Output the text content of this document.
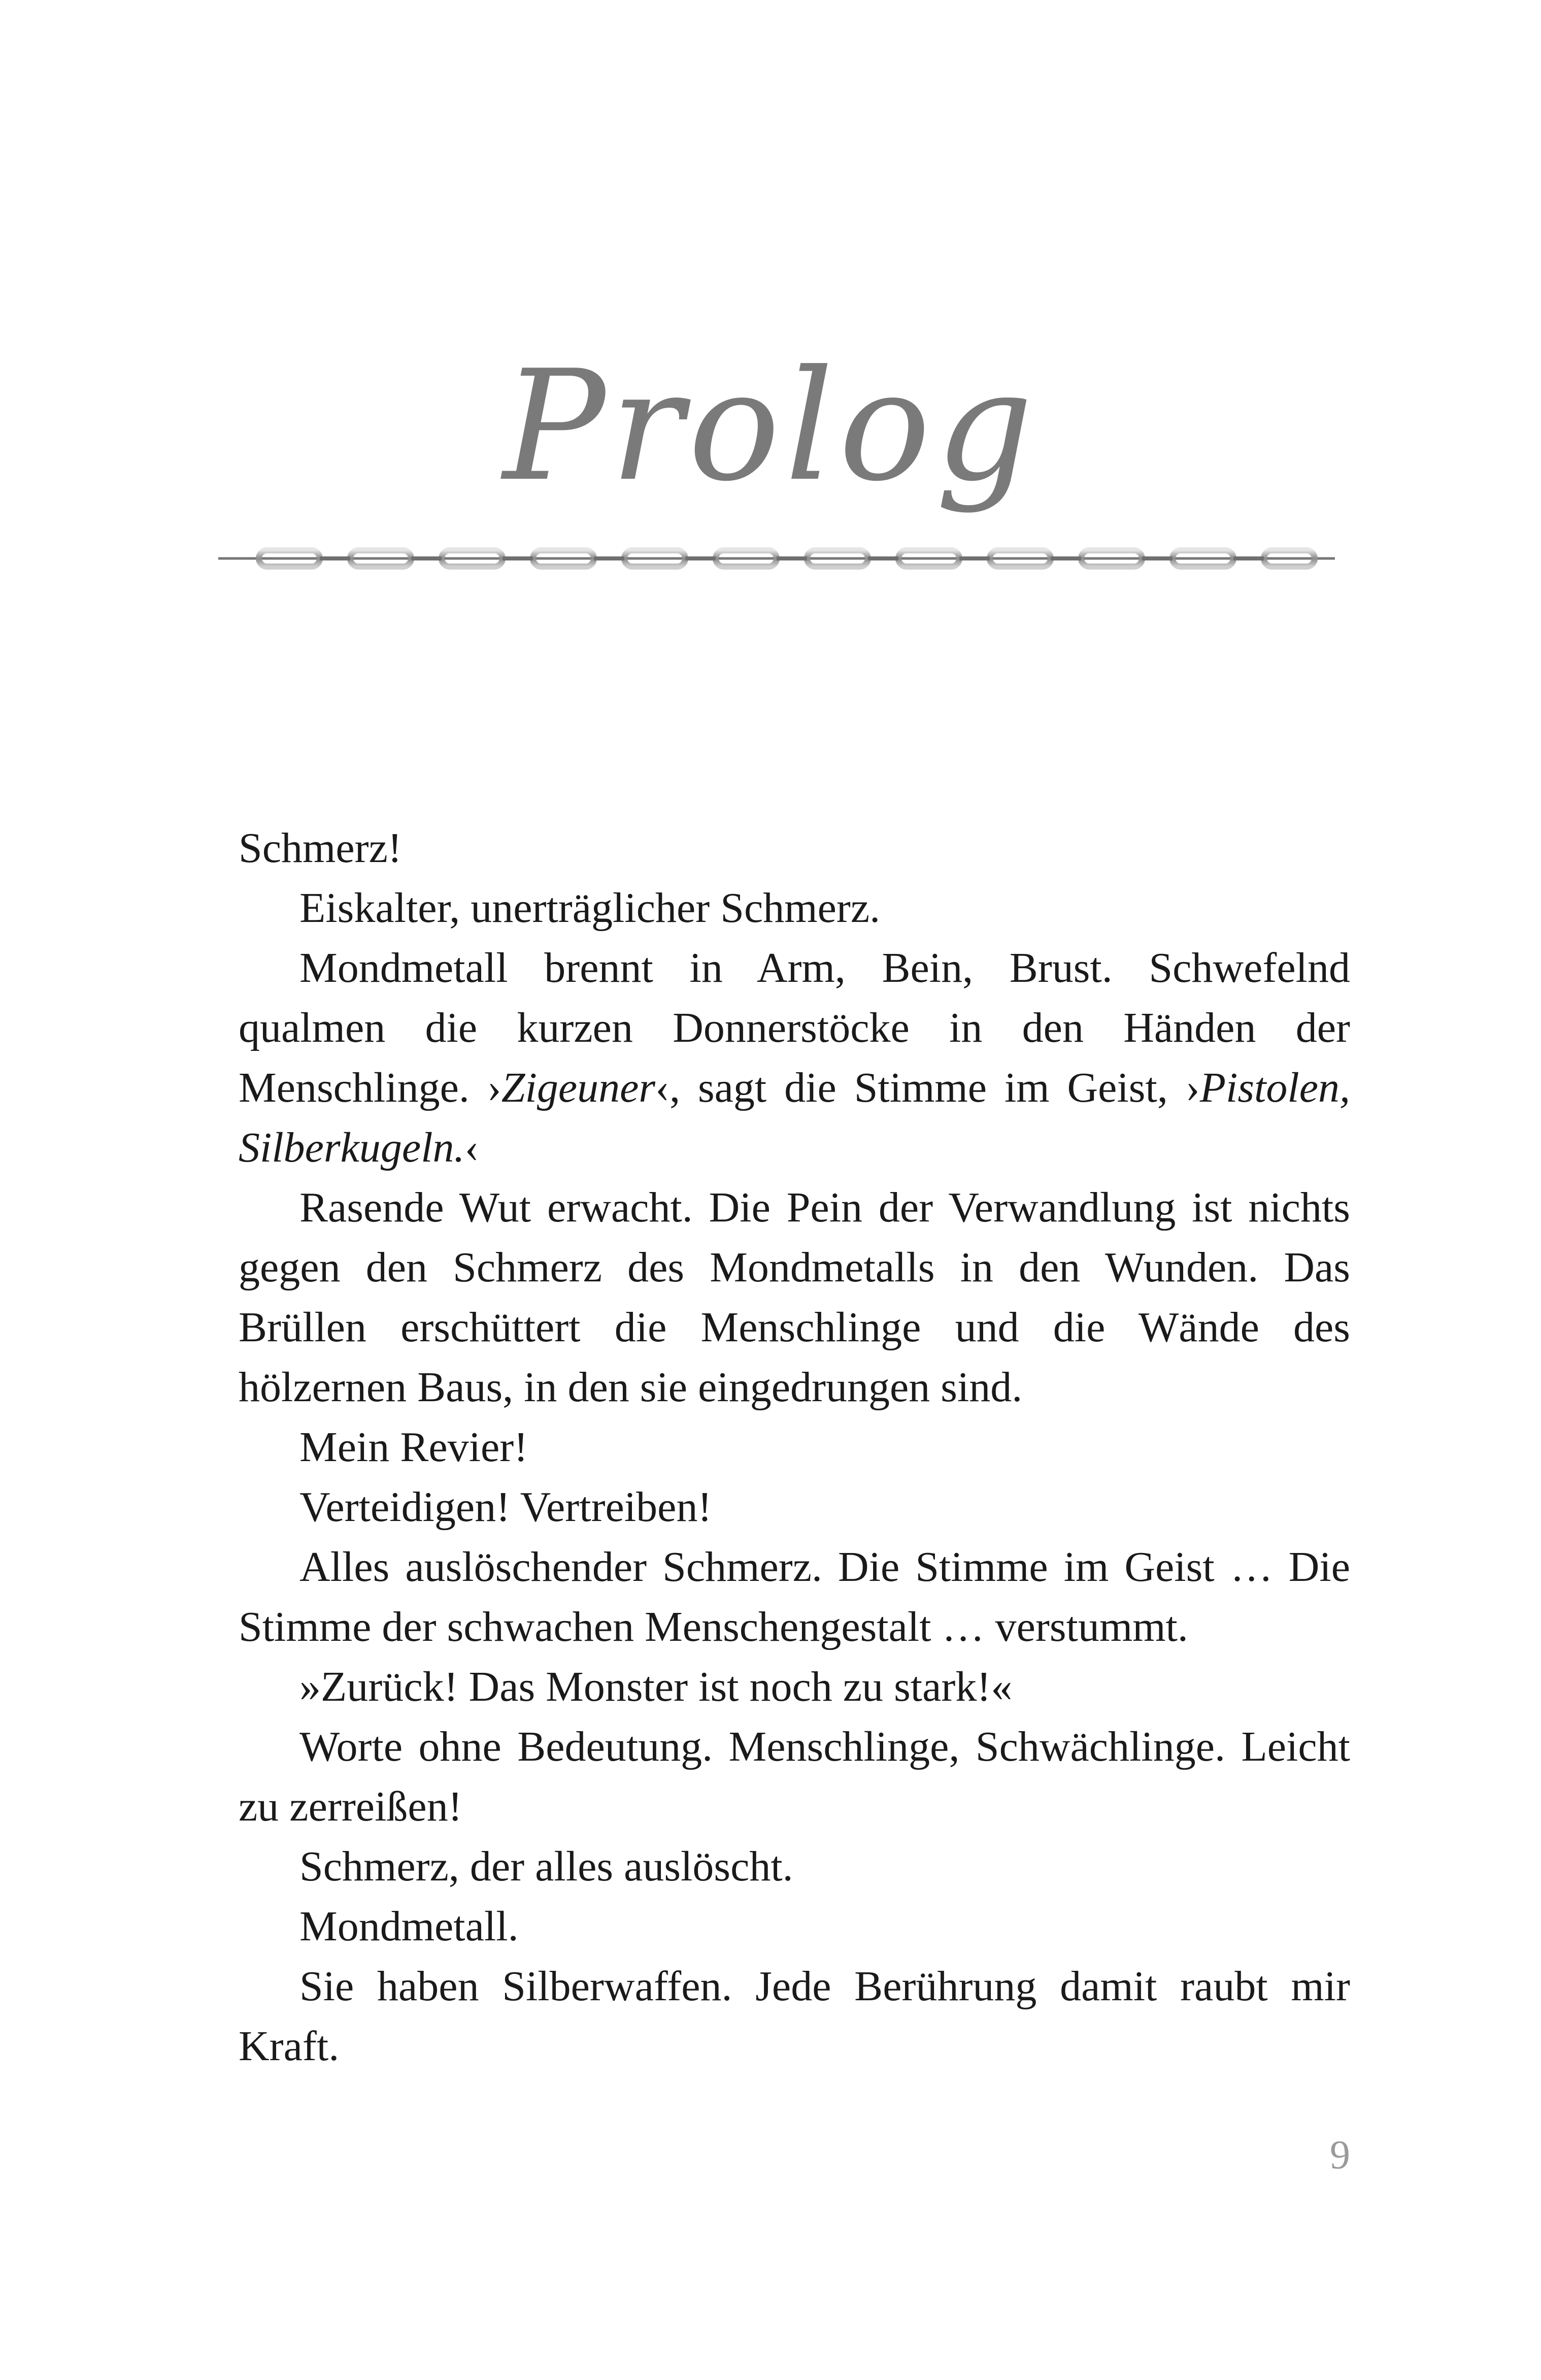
Prolog

Schmerz!

Eiskalter, unerträglicher Schmerz.

Mondmetall brennt in Arm, Bein, Brust. Schwefelnd qualmen die kurzen Donnerstöcke in den Händen der Menschlinge. ›Zigeuner‹, sagt die Stimme im Geist, ›Pistolen, Silberkugeln.‹

Rasende Wut erwacht. Die Pein der Verwandlung ist nichts gegen den Schmerz des Mondmetalls in den Wunden. Das Brüllen erschüttert die Menschlinge und die Wände des hölzernen Baus, in den sie eingedrungen sind.

Mein Revier!

Verteidigen! Vertreiben!

Alles auslöschender Schmerz. Die Stimme im Geist … Die Stimme der schwachen Menschengestalt … verstummt.

»Zurück! Das Monster ist noch zu stark!«

Worte ohne Bedeutung. Menschlinge, Schwächlinge. Leicht zu zerreißen!

Schmerz, der alles auslöscht.

Mondmetall.

Sie haben Silberwaffen. Jede Berührung damit raubt mir Kraft.

9
